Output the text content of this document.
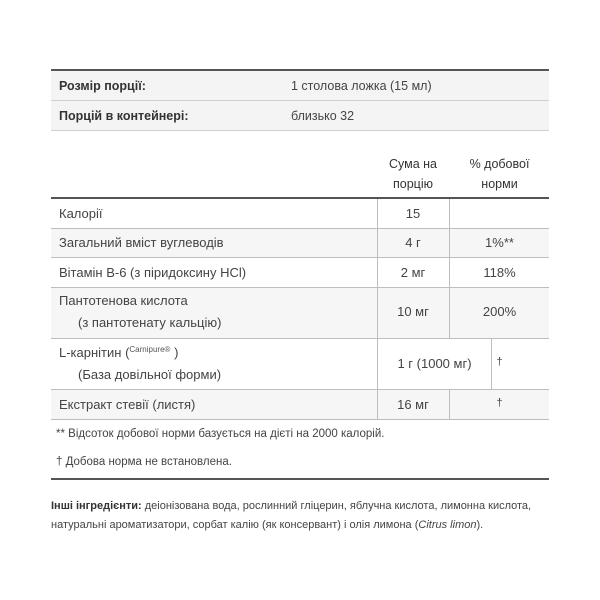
Розмір порції:	1 столова ложка (15 мл)
Порцій в контейнері:	близько 32
Сума на
порцію
% добової
норми
Калорії	15
Загальний вміст вуглеводів	4 г	1%**
Вітамін B-6 (з піридоксину HCl)	2 мг	118%
Пантотенова кислота
(з пантотенату кальцію)
10 мг	200%
L-карнітин ($^{Carnipure®}$ )
(База довільної форми)
1 г (1000 мг)	†
Екстракт стевії (листя)	16 мг	†
** Відсоток добової норми базується на дієті на 2000 калорій.
† Добова норма не встановлена.
Інші інгредієнти: деіонізована вода, рослинний гліцерин, яблучна кислота, лимонна кислота, натуральні ароматизатори, сорбат калію (як консервант) і олія лимона (Citrus limon).
